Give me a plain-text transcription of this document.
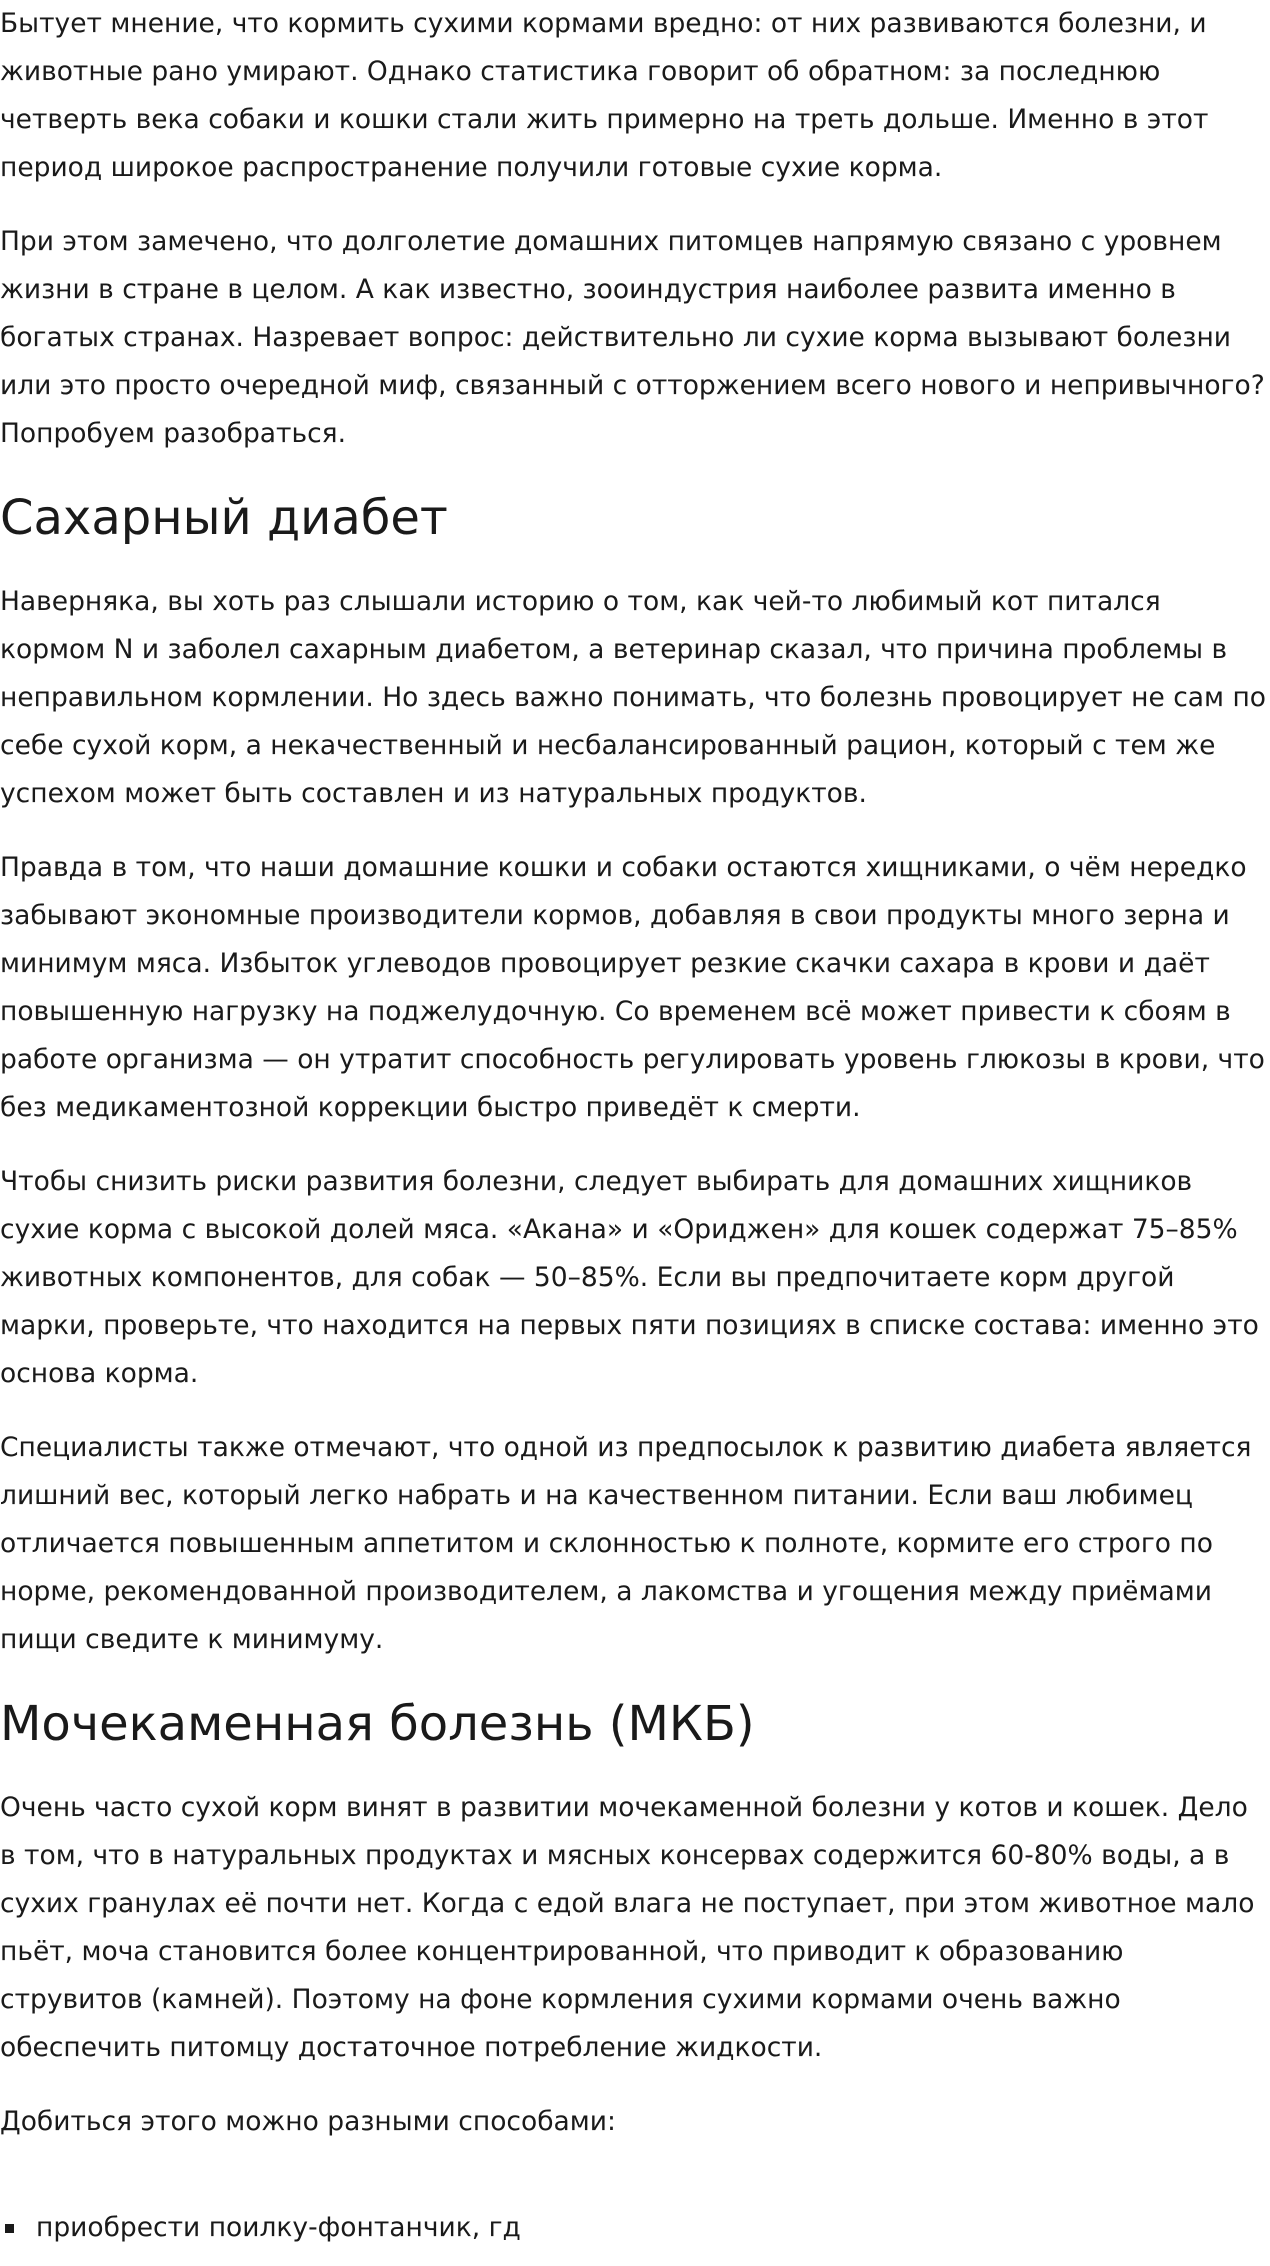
Бытует мнение, что кормить сухими кормами вредно: от них развиваются болезни, и животные рано умирают. Однако статистика говорит об обратном: за последнюю четверть века собаки и кошки стали жить примерно на треть дольше. Именно в этот период широкое распространение получили готовые сухие корма.

При этом замечено, что долголетие домашних питомцев напрямую связано с уровнем жизни в стране в целом. А как известно, зооиндустрия наиболее развита именно в богатых странах. Назревает вопрос: действительно ли сухие корма вызывают болезни или это просто очередной миф, связанный с отторжением всего нового и непривычного? Попробуем разобраться.

Сахарный диабет

Наверняка, вы хоть раз слышали историю о том, как чей-то любимый кот питался кормом N и заболел сахарным диабетом, а ветеринар сказал, что причина проблемы в неправильном кормлении. Но здесь важно понимать, что болезнь провоцирует не сам по себе сухой корм, а некачественный и несбалансированный рацион, который с тем же успехом может быть составлен и из натуральных продуктов.

Правда в том, что наши домашние кошки и собаки остаются хищниками, о чём нередко забывают экономные производители кормов, добавляя в свои продукты много зерна и минимум мяса. Избыток углеводов провоцирует резкие скачки сахара в крови и даёт повышенную нагрузку на поджелудочную. Со временем всё может привести к сбоям в работе организма — он утратит способность регулировать уровень глюкозы в крови, что без медикаментозной коррекции быстро приведёт к смерти.

Чтобы снизить риски развития болезни, следует выбирать для домашних хищников сухие корма с высокой долей мяса. «Акана» и «Ориджен» для кошек содержат 75–85% животных компонентов, для собак — 50–85%. Если вы предпочитаете корм другой марки, проверьте, что находится на первых пяти позициях в списке состава: именно это основа корма.

Специалисты также отмечают, что одной из предпосылок к развитию диабета является лишний вес, который легко набрать и на качественном питании. Если ваш любимец отличается повышенным аппетитом и склонностью к полноте, кормите его строго по норме, рекомендованной производителем, а лакомства и угощения между приёмами пищи сведите к минимуму.

Мочекаменная болезнь (МКБ)

Очень часто сухой корм винят в развитии мочекаменной болезни у котов и кошек. Дело в том, что в натуральных продуктах и мясных консервах содержится 60-80% воды, а в сухих гранулах её почти нет. Когда с едой влага не поступает, при этом животное мало пьёт, моча становится более концентрированной, что приводит к образованию струвитов (камней). Поэтому на фоне кормления сухими кормами очень важно обеспечить питомцу достаточное потребление жидкости.

Добиться этого можно разными способами:

приобрести поилку-фонтанчик, гд
